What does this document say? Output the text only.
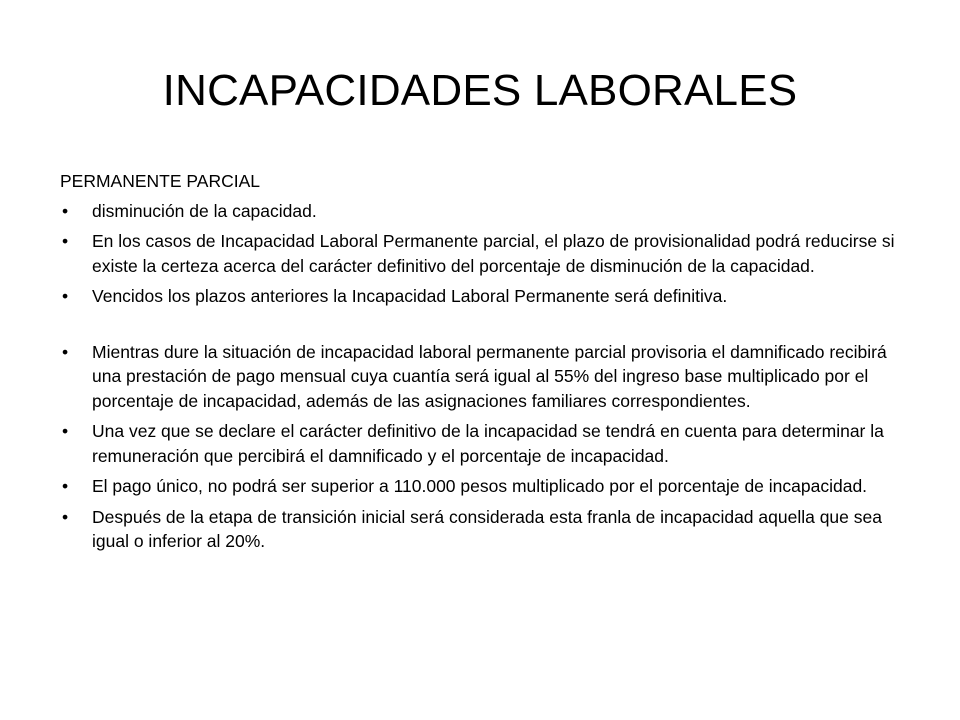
INCAPACIDADES LABORALES
PERMANENTE PARCIAL
• disminución de la capacidad.
• En los casos de Incapacidad Laboral Permanente parcial, el plazo de provisionalidad podrá reducirse si existe la certeza acerca del carácter definitivo del porcentaje de disminución de la capacidad.
• Vencidos los plazos anteriores la Incapacidad Laboral Permanente será definitiva.
• Mientras dure la situación de incapacidad laboral permanente parcial provisoria el damnificado recibirá una prestación de pago mensual cuya cuantía será igual al 55% del ingreso base multiplicado por el porcentaje de incapacidad, además de las asignaciones familiares correspondientes.
• Una vez que se declare el carácter definitivo de la incapacidad se tendrá en cuenta para determinar la remuneración que percibirá el damnificado y el porcentaje de incapacidad.
• El pago único, no podrá ser superior a 110.000 pesos multiplicado por el porcentaje de incapacidad.
• Después de la etapa de transición inicial será considerada esta franla de incapacidad aquella que sea igual o inferior al 20%.
